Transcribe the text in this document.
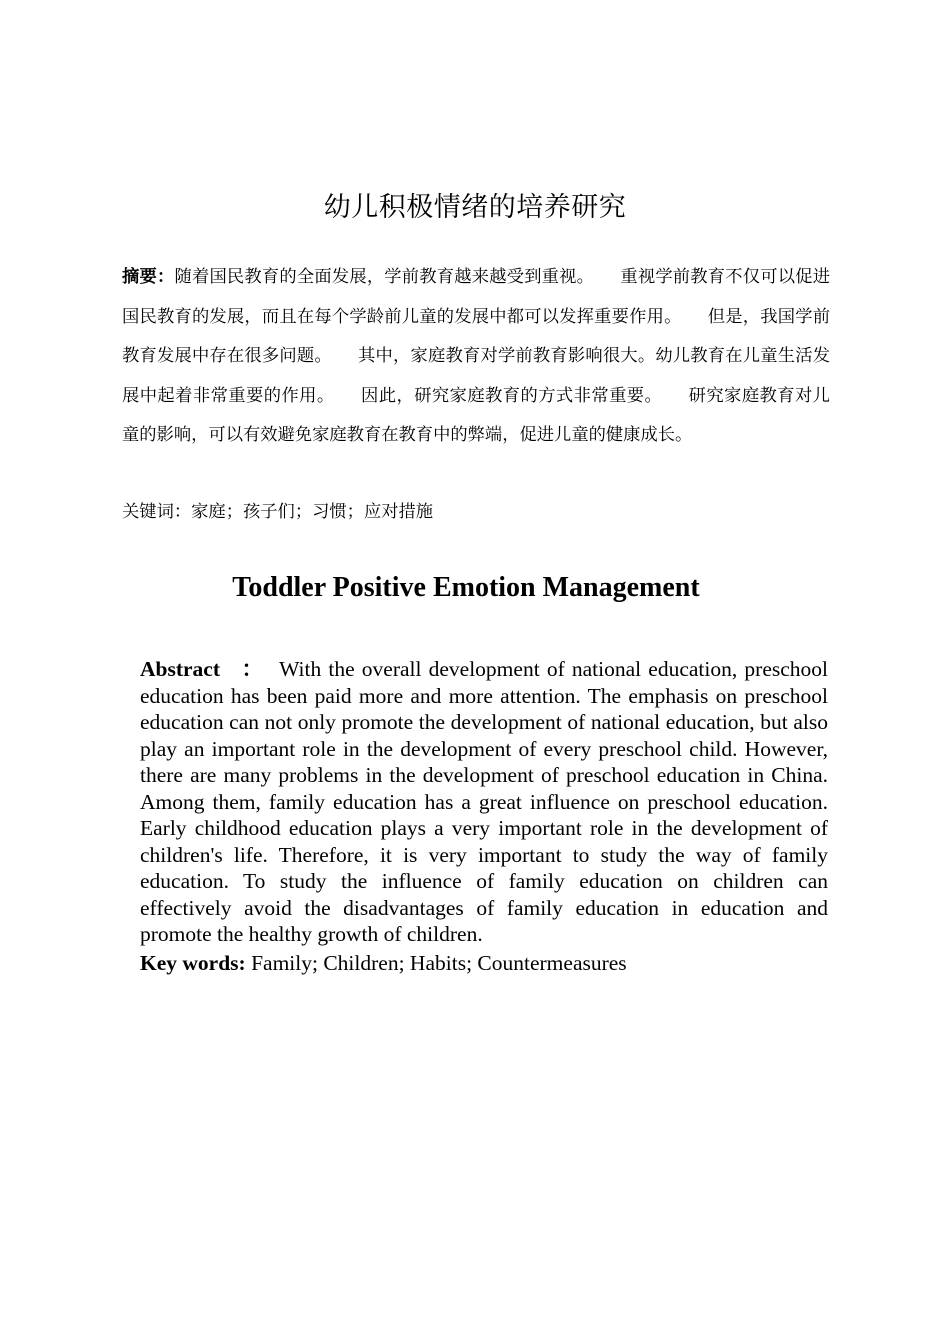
幼儿积极情绪的培养研究
摘要：随着国民教育的全面发展，学前教育越来越受到重视。 重视学前教育不仅可以促进国民教育的发展，而且在每个学龄前儿童的发展中都可以发挥重要作用。 但是，我国学前教育发展中存在很多问题。 其中，家庭教育对学前教育影响很大。幼儿教育在儿童生活发展中起着非常重要的作用。 因此，研究家庭教育的方式非常重要。 研究家庭教育对儿童的影响，可以有效避免家庭教育在教育中的弊端，促进儿童的健康成长。
关键词：家庭；孩子们；习惯；应对措施
Toddler Positive Emotion Management
Abstract ： With the overall development of national education, preschool education has been paid more and more attention. The emphasis on preschool education can not only promote the development of national education, but also play an important role in the development of every preschool child. However, there are many problems in the development of preschool education in China. Among them, family education has a great influence on preschool education. Early childhood education plays a very important role in the development of children's life. Therefore, it is very important to study the way of family education. To study the influence of family education on children can effectively avoid the disadvantages of family education in education and promote the healthy growth of children.
Key words: Family; Children; Habits; Countermeasures
